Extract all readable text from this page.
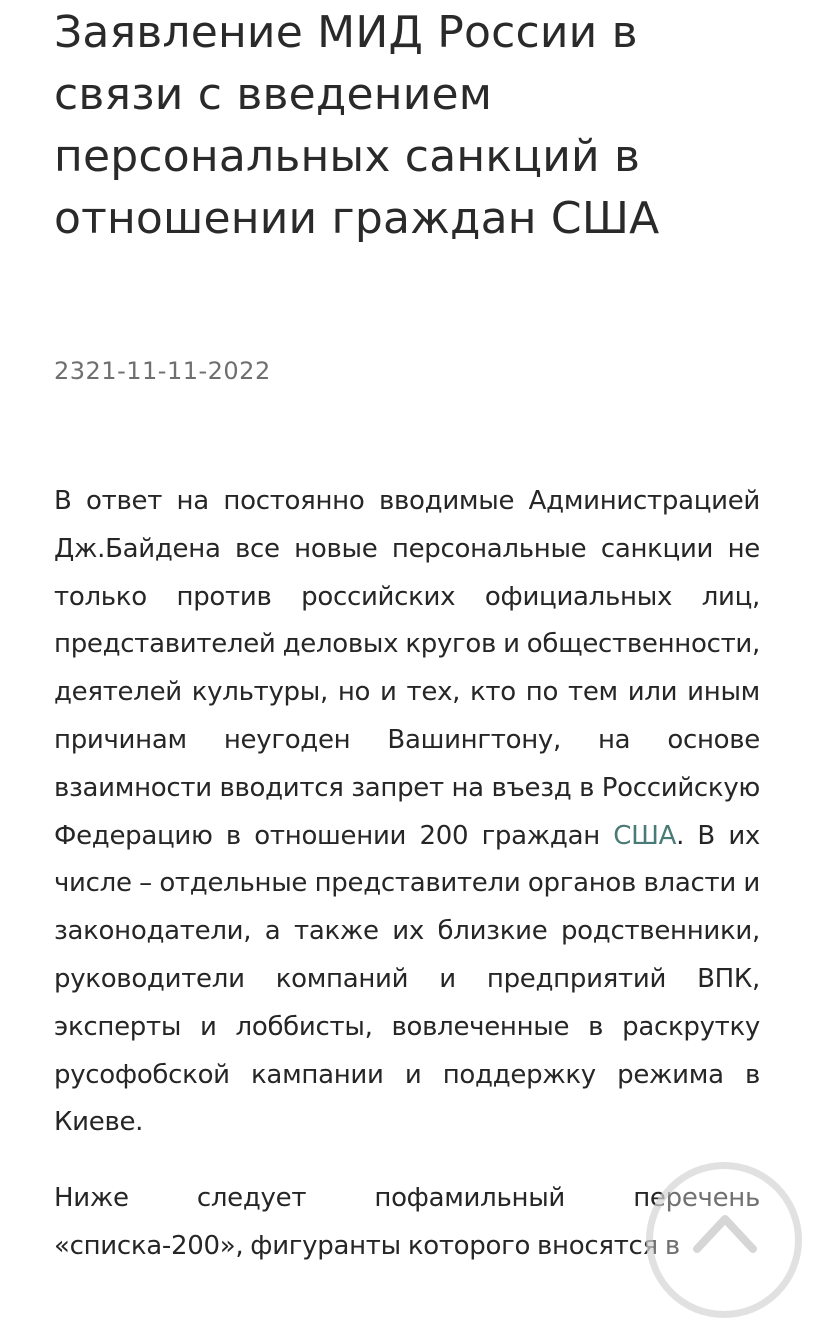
Заявление МИД России в связи с введением персональных санкций в отношении граждан США
2321-11-11-2022

В ответ на постоянно вводимые Администрацией Дж.Байдена все новые персональные санкции не только против российских официальных лиц, представителей деловых кругов и общественности, деятелей культуры, но и тех, кто по тем или иным причинам неугоден Вашингтону, на основе взаимности вводится запрет на въезд в Российскую Федерацию в отношении 200 граждан США. В их числе – отдельные представители органов власти и законодатели, а также их близкие родственники, руководители компаний и предприятий ВПК, эксперты и лоббисты, вовлеченные в раскрутку русофобской кампании и поддержку режима в Киеве.

Ниже следует пофамильный перечень «списка-200», фигуранты которого вносятся в
